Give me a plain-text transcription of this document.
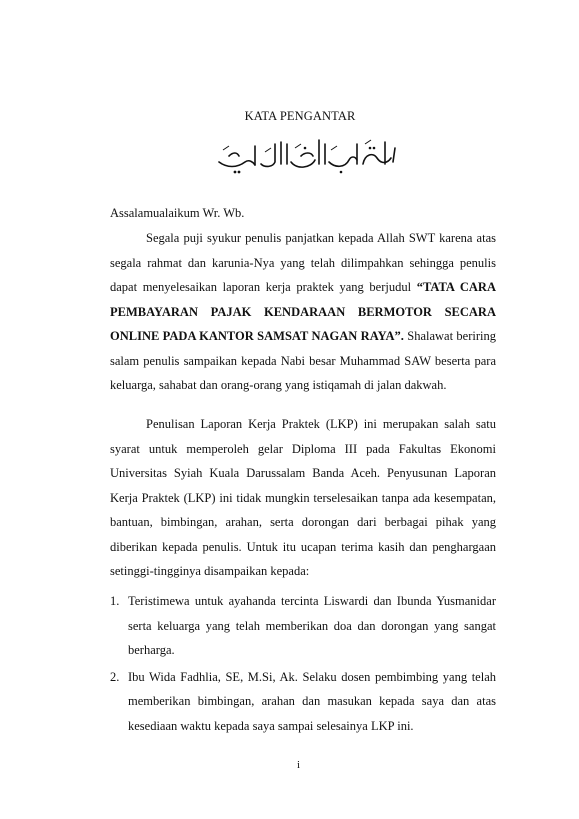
KATA PENGANTAR
Assalamualaikum Wr. Wb.
Segala puji syukur penulis panjatkan kepada Allah SWT karena atas segala rahmat dan karunia-Nya yang telah dilimpahkan sehingga penulis dapat menyelesaikan laporan kerja praktek yang berjudul “TATA CARA PEMBAYARAN PAJAK KENDARAAN BERMOTOR SECARA ONLINE PADA KANTOR SAMSAT NAGAN RAYA”. Shalawat beriring salam penulis sampaikan kepada Nabi besar Muhammad SAW beserta para keluarga, sahabat dan orang-orang yang istiqamah di jalan dakwah.
Penulisan Laporan Kerja Praktek (LKP) ini merupakan salah satu syarat untuk memperoleh gelar Diploma III pada Fakultas Ekonomi Universitas Syiah Kuala Darussalam Banda Aceh. Penyusunan Laporan Kerja Praktek (LKP) ini tidak mungkin terselesaikan tanpa ada kesempatan, bantuan, bimbingan, arahan, serta dorongan dari berbagai pihak yang diberikan kepada penulis. Untuk itu ucapan terima kasih dan penghargaan setinggi-tingginya disampaikan kepada:
1. Teristimewa untuk ayahanda tercinta Liswardi dan Ibunda Yusmanidar serta keluarga yang telah memberikan doa dan dorongan yang sangat berharga.
2. Ibu Wida Fadhlia, SE, M.Si, Ak. Selaku dosen pembimbing yang telah memberikan bimbingan, arahan dan masukan kepada saya dan atas kesediaan waktu kepada saya sampai selesainya LKP ini.
i
